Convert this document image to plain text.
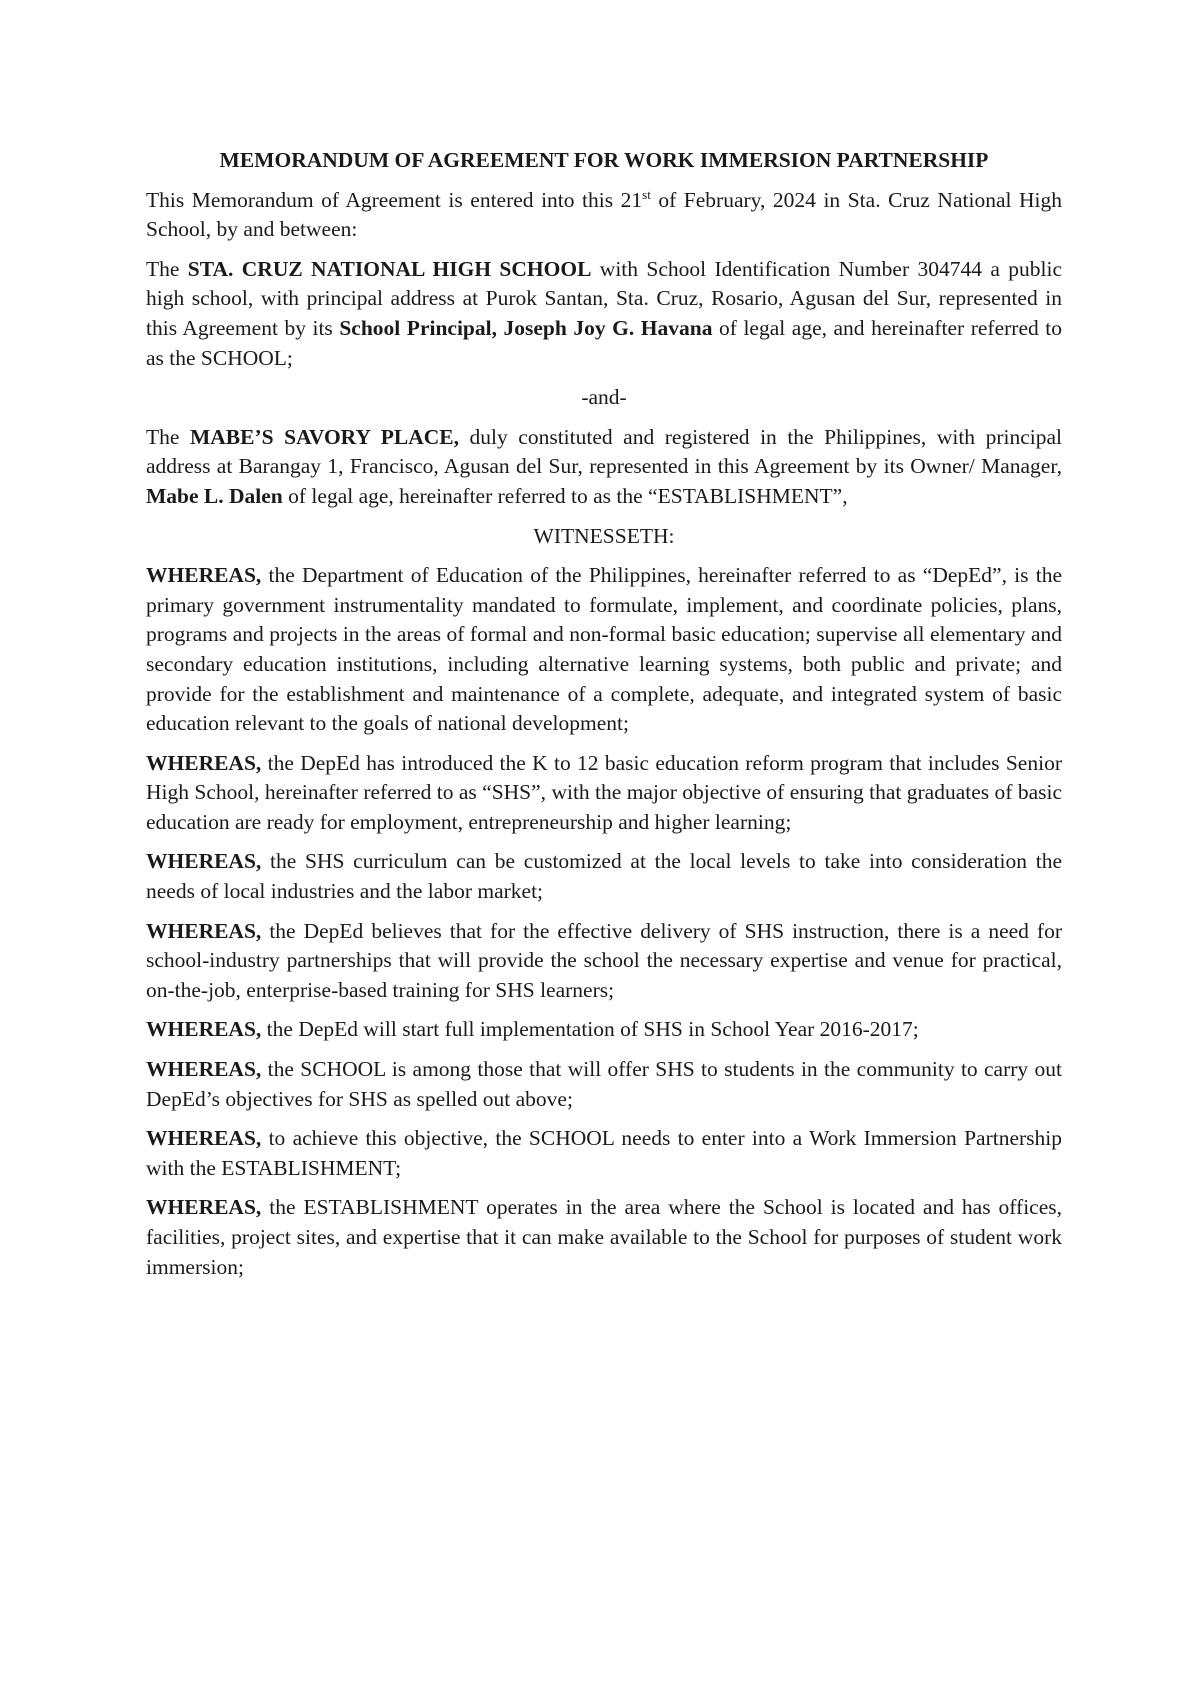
MEMORANDUM OF AGREEMENT FOR WORK IMMERSION PARTNERSHIP

This Memorandum of Agreement is entered into this 21st of February, 2024 in Sta. Cruz National High School, by and between:

The STA. CRUZ NATIONAL HIGH SCHOOL with School Identification Number 304744 a public high school, with principal address at Purok Santan, Sta. Cruz, Rosario, Agusan del Sur, represented in this Agreement by its School Principal, Joseph Joy G. Havana of legal age, and hereinafter referred to as the SCHOOL;

-and-

The MABE’S SAVORY PLACE, duly constituted and registered in the Philippines, with principal address at Barangay 1, Francisco, Agusan del Sur, represented in this Agreement by its Owner/ Manager, Mabe L. Dalen of legal age, hereinafter referred to as the “ESTABLISHMENT”,

WITNESSETH:

WHEREAS, the Department of Education of the Philippines, hereinafter referred to as “DepEd”, is the primary government instrumentality mandated to formulate, implement, and coordinate policies, plans, programs and projects in the areas of formal and non-formal basic education; supervise all elementary and secondary education institutions, including alternative learning systems, both public and private; and provide for the establishment and maintenance of a complete, adequate, and integrated system of basic education relevant to the goals of national development;

WHEREAS, the DepEd has introduced the K to 12 basic education reform program that includes Senior High School, hereinafter referred to as “SHS”, with the major objective of ensuring that graduates of basic education are ready for employment, entrepreneurship and higher learning;

WHEREAS, the SHS curriculum can be customized at the local levels to take into consideration the needs of local industries and the labor market;

WHEREAS, the DepEd believes that for the effective delivery of SHS instruction, there is a need for school-industry partnerships that will provide the school the necessary expertise and venue for practical, on-the-job, enterprise-based training for SHS learners;

WHEREAS, the DepEd will start full implementation of SHS in School Year 2016-2017;

WHEREAS, the SCHOOL is among those that will offer SHS to students in the community to carry out DepEd’s objectives for SHS as spelled out above;

WHEREAS, to achieve this objective, the SCHOOL needs to enter into a Work Immersion Partnership with the ESTABLISHMENT;

WHEREAS, the ESTABLISHMENT operates in the area where the School is located and has offices, facilities, project sites, and expertise that it can make available to the School for purposes of student work immersion;
